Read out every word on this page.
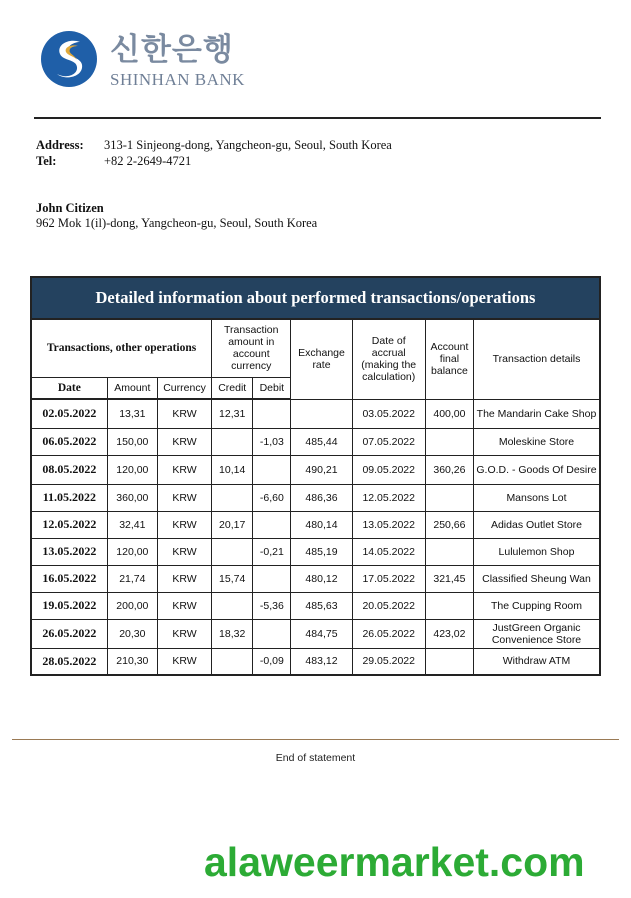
신한은행
SHINHAN BANK
Address:	313-1 Sinjeong-dong, Yangcheon-gu, Seoul, South Korea
Tel:	+82 2-2649-4721
John Citizen
962 Mok 1(il)-dong, Yangcheon-gu, Seoul, South Korea
Detailed information about performed transactions/operations								
Transactions, other operations			Transaction amount in account currency		Exchange rate	Date of accrual (making the calculation)	Account final balance	Transaction details
Date	Amount	Currency	Credit	Debit				
02.05.2022	13,31	KRW	12,31			03.05.2022	400,00	The Mandarin Cake Shop
06.05.2022	150,00	KRW		-1,03	485,44	07.05.2022		Moleskine Store
08.05.2022	120,00	KRW	10,14		490,21	09.05.2022	360,26	G.O.D. - Goods Of Desire
11.05.2022	360,00	KRW		-6,60	486,36	12.05.2022		Mansons Lot
12.05.2022	32,41	KRW	20,17		480,14	13.05.2022	250,66	Adidas Outlet Store
13.05.2022	120,00	KRW		-0,21	485,19	14.05.2022		Lululemon Shop
16.05.2022	21,74	KRW	15,74		480,12	17.05.2022	321,45	Classified Sheung Wan
19.05.2022	200,00	KRW		-5,36	485,63	20.05.2022		The Cupping Room
26.05.2022	20,30	KRW	18,32		484,75	26.05.2022	423,02	JustGreen Organic Convenience Store
28.05.2022	210,30	KRW		-0,09	483,12	29.05.2022		Withdraw ATM
End of statement
alaweermarket.com
